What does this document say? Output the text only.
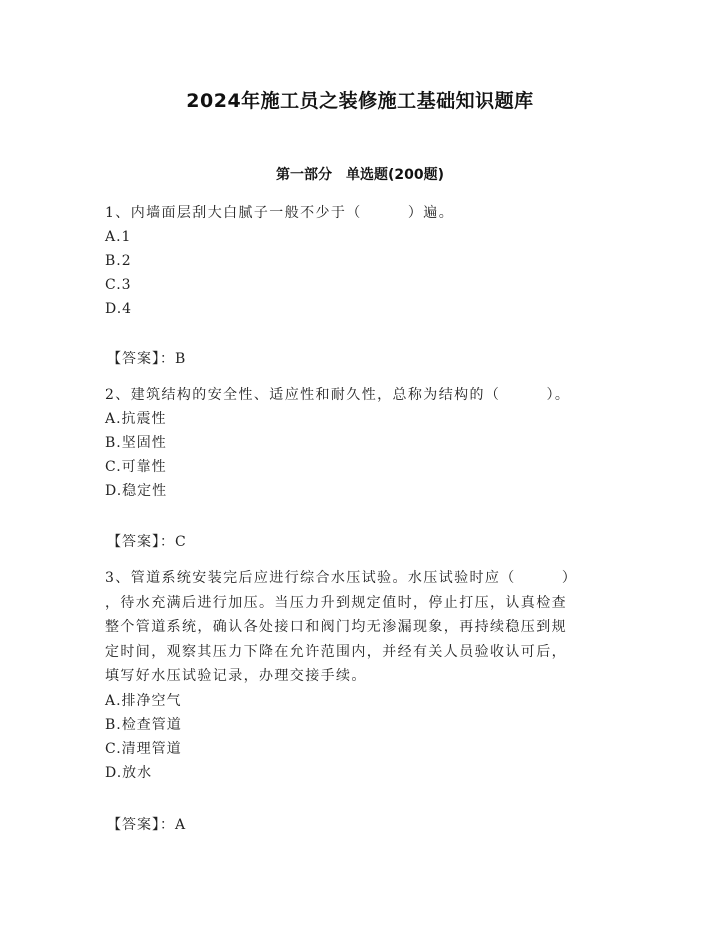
2024年施工员之装修施工基础知识题库
第一部分 单选题(200题)
1、内墙面层刮大白腻子一般不少于（　　　）遍。
A.1
B.2
C.3
D.4
【答案】：B
2、建筑结构的安全性、适应性和耐久性，总称为结构的（　　　）。
A.抗震性
B.坚固性
C.可靠性
D.稳定性
【答案】：C
3、管道系统安装完后应进行综合水压试验。水压试验时应（　　　）
，待水充满后进行加压。当压力升到规定值时，停止打压，认真检查
整个管道系统，确认各处接口和阀门均无渗漏现象，再持续稳压到规
定时间，观察其压力下降在允许范围内，并经有关人员验收认可后，
填写好水压试验记录，办理交接手续。
A.排净空气
B.检查管道
C.清理管道
D.放水
【答案】：A
